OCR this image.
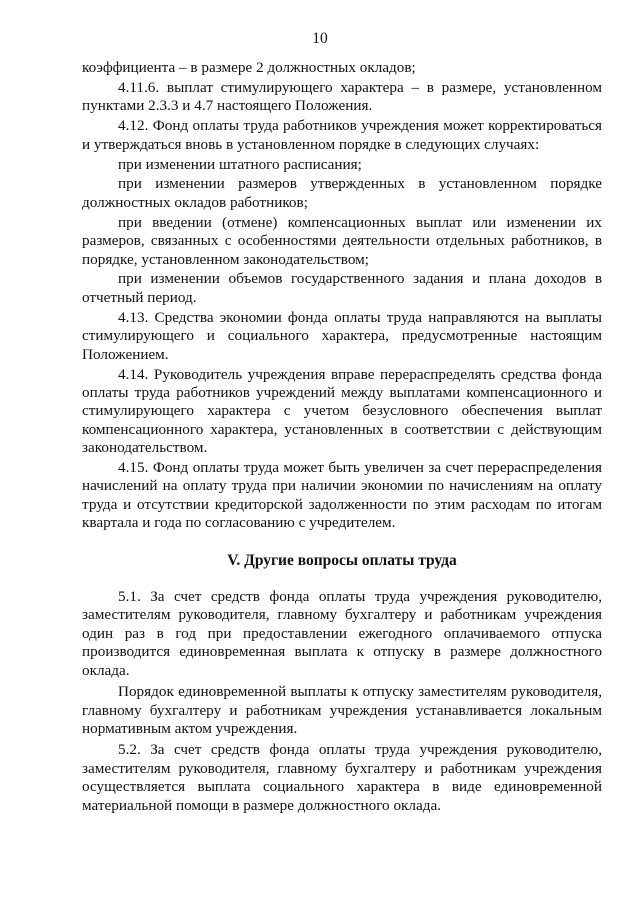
10

коэффициента – в размере 2 должностных окладов;

4.11.6. выплат стимулирующего характера – в размере, установленном пунктами 2.3.3 и 4.7 настоящего Положения.

4.12. Фонд оплаты труда работников учреждения может корректироваться и утверждаться вновь в установленном порядке в следующих случаях:

при изменении штатного расписания;

при изменении размеров утвержденных в установленном порядке должностных окладов работников;

при введении (отмене) компенсационных выплат или изменении их размеров, связанных с особенностями деятельности отдельных работников, в порядке, установленном законодательством;

при изменении объемов государственного задания и плана доходов в отчетный период.

4.13. Средства экономии фонда оплаты труда направляются на выплаты стимулирующего и социального характера, предусмотренные настоящим Положением.

4.14. Руководитель учреждения вправе перераспределять средства фонда оплаты труда работников учреждений между выплатами компенсационного и стимулирующего характера с учетом безусловного обеспечения выплат компенсационного характера, установленных в соответствии с действующим законодательством.

4.15. Фонд оплаты труда может быть увеличен за счет перераспределения начислений на оплату труда при наличии экономии по начислениям на оплату труда и отсутствии кредиторской задолженности по этим расходам по итогам квартала и года по согласованию с учредителем.

V. Другие вопросы оплаты труда

5.1. За счет средств фонда оплаты труда учреждения руководителю, заместителям руководителя, главному бухгалтеру и работникам учреждения один раз в год при предоставлении ежегодного оплачиваемого отпуска производится единовременная выплата к отпуску в размере должностного оклада.

Порядок единовременной выплаты к отпуску заместителям руководителя, главному бухгалтеру и работникам учреждения устанавливается локальным нормативным актом учреждения.

5.2. За счет средств фонда оплаты труда учреждения руководителю, заместителям руководителя, главному бухгалтеру и работникам учреждения осуществляется выплата социального характера в виде единовременной материальной помощи в размере должностного оклада.
